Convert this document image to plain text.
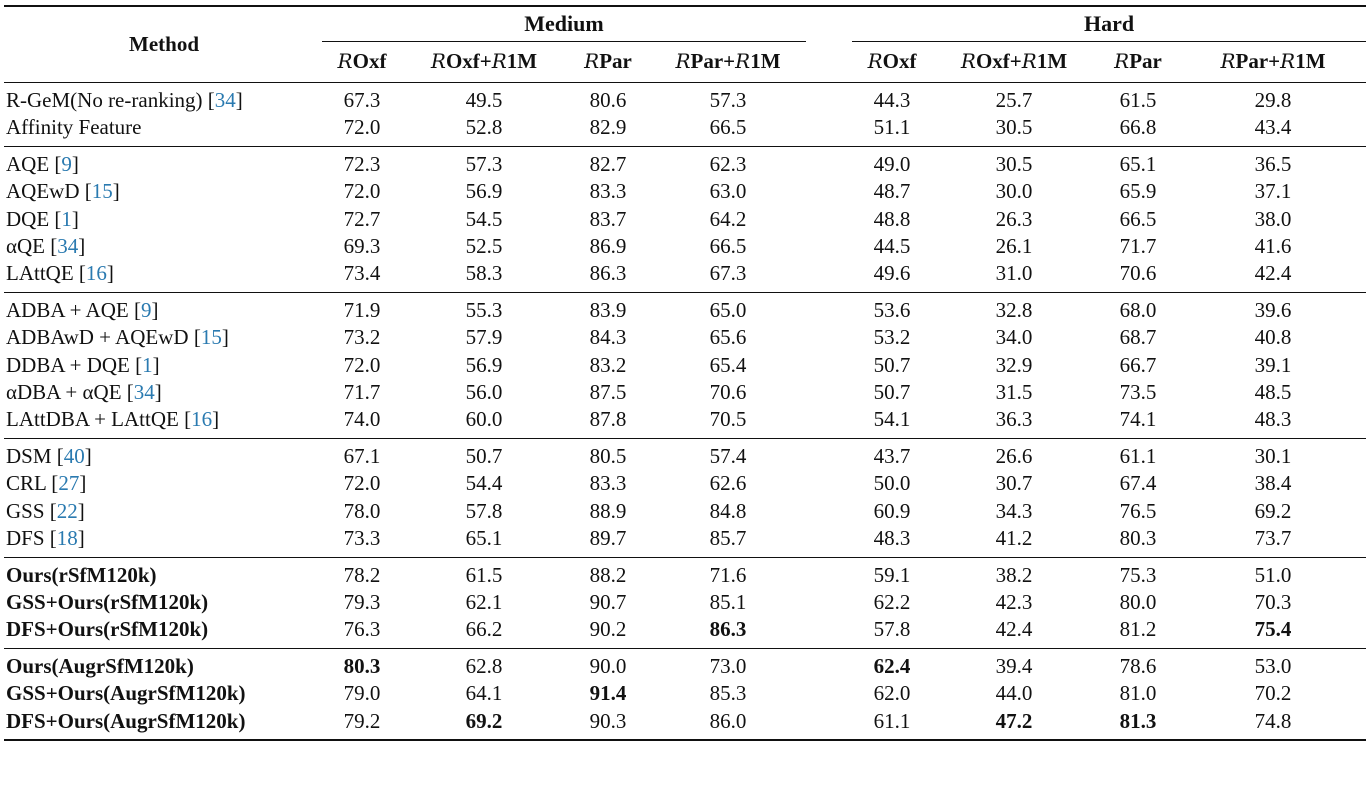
Method	Medium					Hard			
	ROxf	ROxf+R1M	RPar	RPar+R1M		ROxf	ROxf+R1M	RPar	RPar+R1M
R-GeM(No re-ranking) [34]	67.3	49.5	80.6	57.3		44.3	25.7	61.5	29.8
Affinity Feature	72.0	52.8	82.9	66.5		51.1	30.5	66.8	43.4
AQE [9]	72.3	57.3	82.7	62.3		49.0	30.5	65.1	36.5
AQEwD [15]	72.0	56.9	83.3	63.0		48.7	30.0	65.9	37.1
DQE [1]	72.7	54.5	83.7	64.2		48.8	26.3	66.5	38.0
αQE [34]	69.3	52.5	86.9	66.5		44.5	26.1	71.7	41.6
LAttQE [16]	73.4	58.3	86.3	67.3		49.6	31.0	70.6	42.4
ADBA + AQE [9]	71.9	55.3	83.9	65.0		53.6	32.8	68.0	39.6
ADBAwD + AQEwD [15]	73.2	57.9	84.3	65.6		53.2	34.0	68.7	40.8
DDBA + DQE [1]	72.0	56.9	83.2	65.4		50.7	32.9	66.7	39.1
αDBA + αQE [34]	71.7	56.0	87.5	70.6		50.7	31.5	73.5	48.5
LAttDBA + LAttQE [16]	74.0	60.0	87.8	70.5		54.1	36.3	74.1	48.3
DSM [40]	67.1	50.7	80.5	57.4		43.7	26.6	61.1	30.1
CRL [27]	72.0	54.4	83.3	62.6		50.0	30.7	67.4	38.4
GSS [22]	78.0	57.8	88.9	84.8		60.9	34.3	76.5	69.2
DFS [18]	73.3	65.1	89.7	85.7		48.3	41.2	80.3	73.7
Ours(rSfM120k)	78.2	61.5	88.2	71.6		59.1	38.2	75.3	51.0
GSS+Ours(rSfM120k)	79.3	62.1	90.7	85.1		62.2	42.3	80.0	70.3
DFS+Ours(rSfM120k)	76.3	66.2	90.2	86.3		57.8	42.4	81.2	75.4
Ours(AugrSfM120k)	80.3	62.8	90.0	73.0		62.4	39.4	78.6	53.0
GSS+Ours(AugrSfM120k)	79.0	64.1	91.4	85.3		62.0	44.0	81.0	70.2
DFS+Ours(AugrSfM120k)	79.2	69.2	90.3	86.0		61.1	47.2	81.3	74.8
